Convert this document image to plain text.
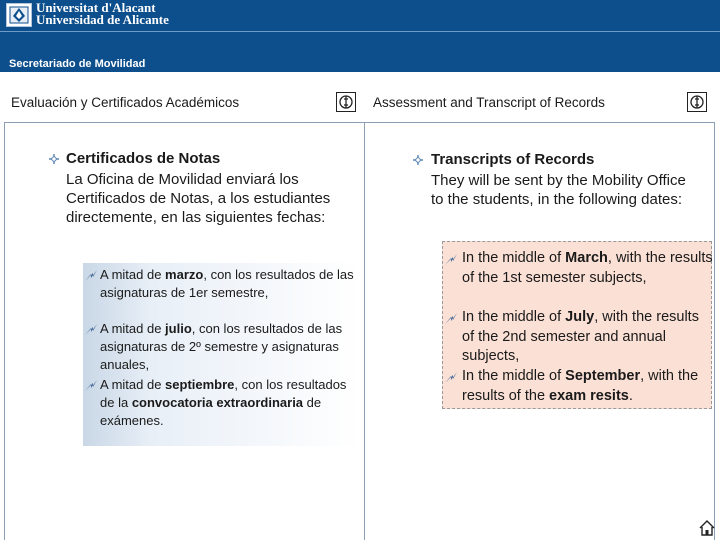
Universitat d'Alacant
Universidad de Alicante
Secretariado de Movilidad
Evaluación y Certificados Académicos	Assessment and Transcript of Records
Certificados de Notas
La Oficina de Movilidad enviará los Certificados de Notas, a los estudiantes directemente, en las siguientes fechas:
A mitad de marzo, con los resultados de las asignaturas de 1er semestre,
A mitad de julio, con los resultados de las asignaturas de 2º semestre y asignaturas anuales,
A mitad de septiembre, con los resultados de la convocatoria extraordinaria de exámenes.
Transcripts of Records
They will be sent by the Mobility Office to the students, in the following dates:
In the middle of March, with the results of the 1st semester subjects,
In the middle of July, with the results of the 2nd semester and annual subjects,
In the middle of September, with the results of the exam resits.
